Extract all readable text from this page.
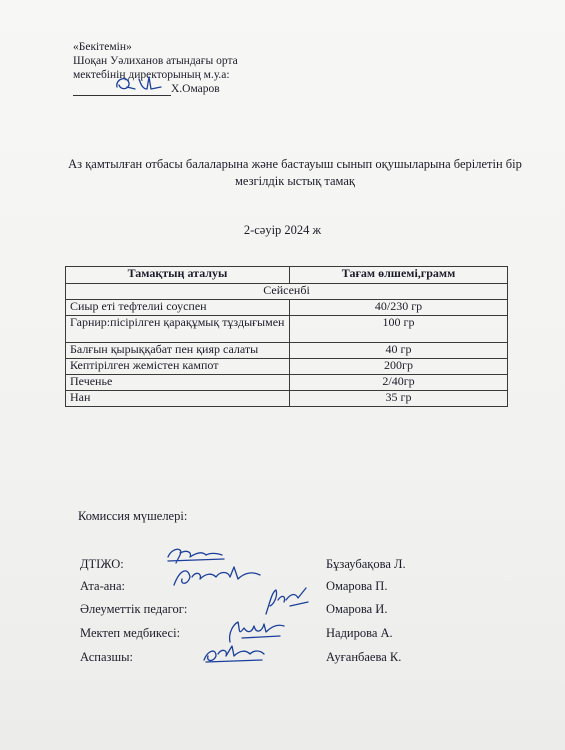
«Бекітемін»
Шоқан Уәлиханов атындағы орта
мектебінің директорының м.у.а:
Х.Омаров
Аз қамтылған отбасы балаларына және бастауыш сынып оқушыларына берілетін бір мезгілдік ыстық тамақ
2-сәуір 2024 ж
Тамақтың аталуы	Тағам өлшемі,грамм
Сейсенбі	
Сиыр еті тефтелиі соуспен	40/230 гр
Гарнир:пісірілген қарақұмық тұздығымен	100 гр
Балғын қырыққабат пен қияр салаты	40 гр
Кептірілген жемістен кампот	200гр
Печенье	2/40гр
Нан	35 гр
Комиссия мүшелері:
ДТІЖО:	Бұзаубақова Л.
Ата-ана:	Омарова П.
Әлеуметтік педагог:	Омарова И.
Мектеп медбикесі:	Надирова А.
Аспазшы:	Ауғанбаева К.
